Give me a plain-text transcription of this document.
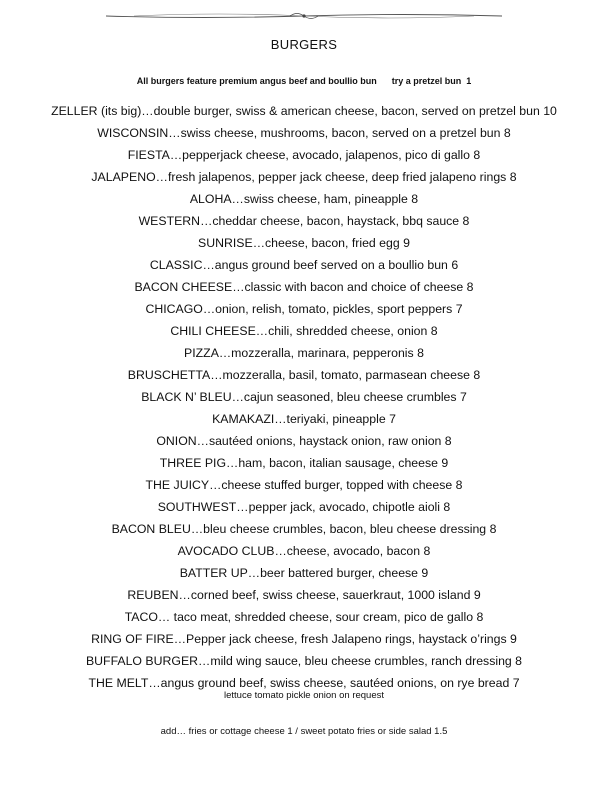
BURGERS
All burgers feature premium angus beef and boullio bun      try a pretzel bun  1
ZELLER (its big)…double burger, swiss & american cheese, bacon, served on pretzel bun 10
WISCONSIN…swiss cheese, mushrooms, bacon, served on a pretzel bun 8
FIESTA…pepperjack cheese, avocado, jalapenos, pico di gallo 8
JALAPENO…fresh jalapenos, pepper jack cheese, deep fried jalapeno rings 8
ALOHA…swiss cheese, ham, pineapple 8
WESTERN…cheddar cheese, bacon, haystack, bbq sauce 8
SUNRISE…cheese, bacon, fried egg 9
CLASSIC…angus ground beef served on a boullio bun 6
BACON CHEESE…classic with bacon and choice of cheese 8
CHICAGO…onion, relish, tomato, pickles, sport peppers 7
CHILI CHEESE…chili, shredded cheese, onion 8
PIZZA…mozzeralla, marinara, pepperonis 8
BRUSCHETTA…mozzeralla, basil, tomato, parmasean cheese 8
BLACK N’ BLEU…cajun seasoned, bleu cheese crumbles 7
KAMAKAZI…teriyaki, pineapple 7
ONION…sautéed onions, haystack onion, raw onion 8
THREE PIG…ham, bacon, italian sausage, cheese 9
THE JUICY…cheese stuffed burger, topped with cheese 8
SOUTHWEST…pepper jack, avocado, chipotle aioli 8
BACON BLEU…bleu cheese crumbles, bacon, bleu cheese dressing 8
AVOCADO CLUB…cheese, avocado, bacon 8
BATTER UP…beer battered burger, cheese 9
REUBEN…corned beef, swiss cheese, sauerkraut, 1000 island 9
TACO… taco meat, shredded cheese, sour cream, pico de gallo 8
RING OF FIRE…Pepper jack cheese, fresh Jalapeno rings, haystack o’rings 9
BUFFALO BURGER…mild wing sauce, bleu cheese crumbles, ranch dressing 8
THE MELT…angus ground beef, swiss cheese, sautéed onions, on rye bread 7
lettuce tomato pickle onion on request
add… fries or cottage cheese 1 / sweet potato fries or side salad 1.5
